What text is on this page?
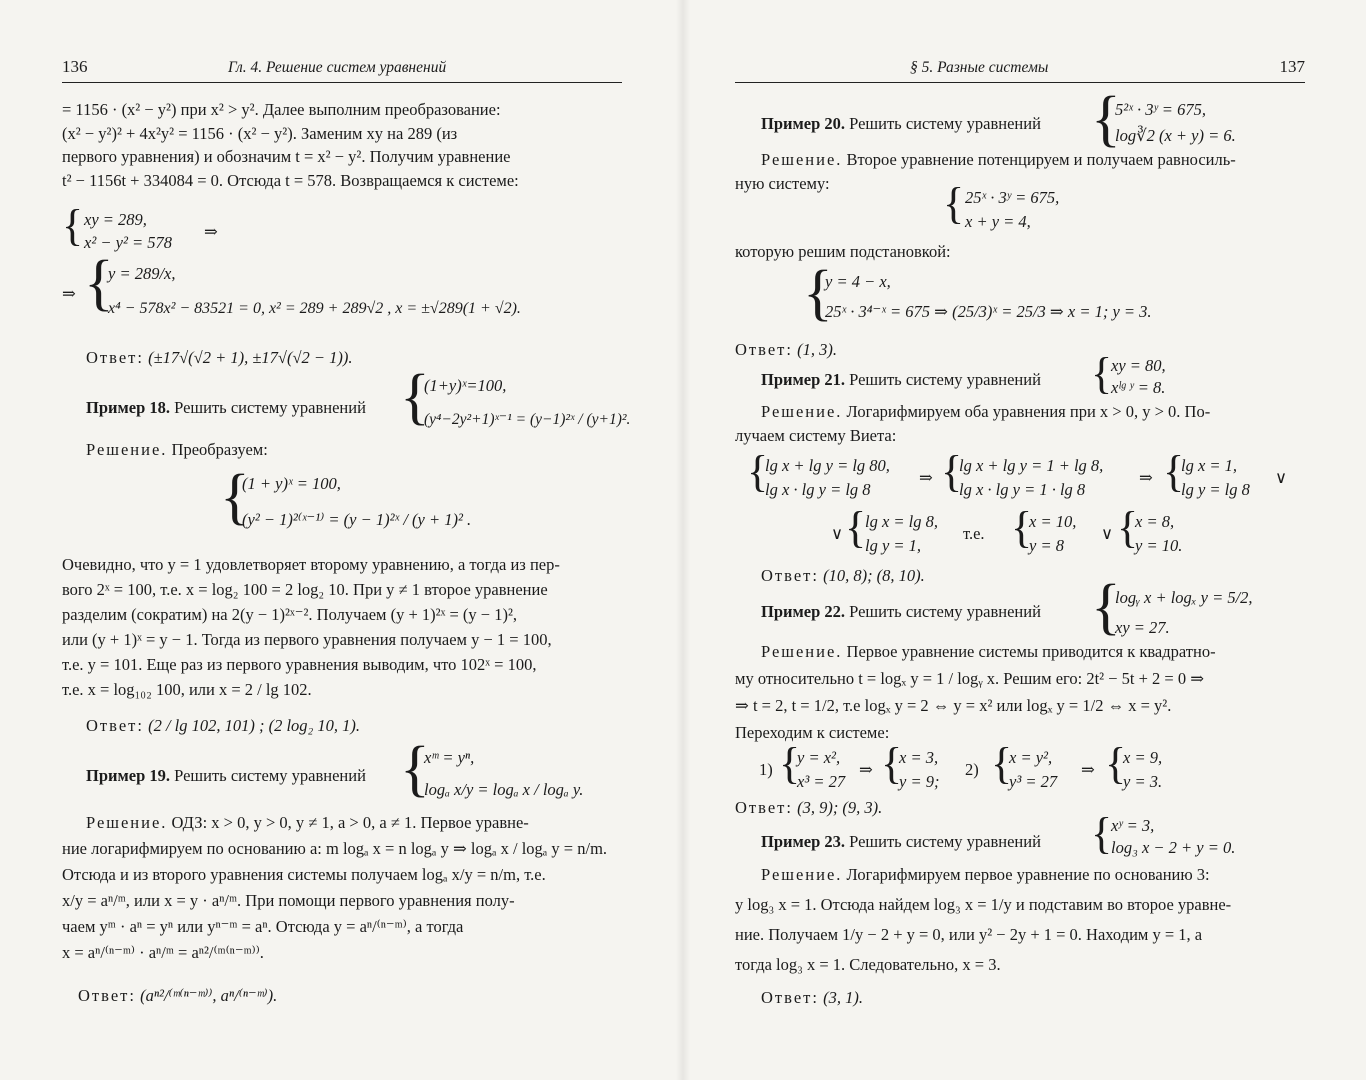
136	Гл. 4. Решение систем уравнений
= 1156 · (x² − y²) при x² > y². Далее выполним преобразование:
(x² − y²)² + 4x²y² = 1156 · (x² − y²). Заменим xy на 289 (из
первого уравнения) и обозначим t = x² − y². Получим уравнение
t² − 1156t + 334084 = 0. Отсюда t = 578. Возвращаемся к системе:
{ xy = 289,
x² − y² = 578
⇒
⇒ {
y = 289/x,
x⁴ − 578x² − 83521 = 0, x² = 289 + 289√2 , x = ±√289(1 + √2).
Ответ: (±17√(√2 + 1), ±17√(√2 − 1)).
Пример 18. Решить систему уравнений {
(1+y)ˣ=100,
(y⁴−2y²+1)ˣ⁻¹ = (y−1)²ˣ / (y+1)².
Решение. Преобразуем:
{
(1 + y)ˣ = 100,
(y² − 1)²⁽ˣ⁻¹⁾ = (y − 1)²ˣ / (y + 1)² .
Очевидно, что y = 1 удовлетворяет второму уравнению, а тогда из пер-
вого 2ˣ = 100, т.е. x = log₂ 100 = 2 log₂ 10. При y ≠ 1 второе уравнение
разделим (сократим) на 2(y − 1)²ˣ⁻². Получаем (y + 1)²ˣ = (y − 1)²,
или (y + 1)ˣ = y − 1. Тогда из первого уравнения получаем y − 1 = 100,
т.е. y = 101. Еще раз из первого уравнения выводим, что 102ˣ = 100,
т.е. x = log₁₀₂ 100, или x = 2 / lg 102.
Ответ: (2 / lg 102, 101) ; (2 log₂ 10, 1).
Пример 19. Решить систему уравнений {
xᵐ = yⁿ,
logₐ x/y = logₐ x / logₐ y.
Решение. ОДЗ: x > 0, y > 0, y ≠ 1, a > 0, a ≠ 1. Первое уравне-
ние логарифмируем по основанию a: m logₐ x = n logₐ y ⇒ logₐ x / logₐ y = n/m.
Отсюда и из второго уравнения системы получаем logₐ x/y = n/m, т.е.
x/y = aⁿ/ᵐ, или x = y · aⁿ/ᵐ. При помощи первого уравнения полу-
чаем yᵐ · aⁿ = yⁿ или yⁿ⁻ᵐ = aⁿ. Отсюда y = aⁿ/⁽ⁿ⁻ᵐ⁾, а тогда
x = aⁿ/⁽ⁿ⁻ᵐ⁾ · aⁿ/ᵐ = aⁿ²/⁽ᵐ⁽ⁿ⁻ᵐ⁾⁾.
Ответ: (aⁿ²/⁽ᵐ⁽ⁿ⁻ᵐ⁾⁾, aⁿ/⁽ⁿ⁻ᵐ⁾).
§ 5. Разные системы	137
Пример 20. Решить систему уравнений {
5²ˣ · 3ʸ = 675,
log∛2 (x + y) = 6.
Решение. Второе уравнение потенцируем и получаем равносиль-
ную систему:	{ 25ˣ · 3ʸ = 675,
x + y = 4,
которую решим подстановкой:
{
y = 4 − x,
25ˣ · 3⁴⁻ˣ = 675 ⇒ (25/3)ˣ = 25/3 ⇒ x = 1; y = 3.
Ответ: (1, 3).
Пример 21. Решить систему уравнений {
xy = 80,
xˡᵍ ʸ = 8.
Решение. Логарифмируем оба уравнения при x > 0, y > 0. По-
лучаем систему Виета:
{
lg x + lg y = lg 80,
lg x · lg y = lg 8
⇒ {
lg x + lg y = 1 + lg 8,
lg x · lg y = 1 · lg 8
⇒ {
lg x = 1,
lg y = lg 8
∨
∨ {
lg x = lg 8,
lg y = 1,
т.е. {
x = 10,
y = 8
∨ {
x = 8,
y = 10.
Ответ: (10, 8); (8, 10).
Пример 22. Решить систему уравнений {
logᵧ x + logₓ y = 5/2,
xy = 27.
Решение. Первое уравнение системы приводится к квадратно-
му относительно t = logₓ y = 1 / logᵧ x. Решим его: 2t² − 5t + 2 = 0 ⇒
⇒ t = 2, t = 1/2, т.е logₓ y = 2 ⇔ y = x² или logₓ y = 1/2 ⇔ x = y².
Переходим к системе:
1) {
y = x²,
x³ = 27
⇒ {
x = 3,
y = 9;
2) {
x = y²,
y³ = 27
⇒ {
x = 9,
y = 3.
Ответ: (3, 9); (9, 3).
Пример 23. Решить систему уравнений {
xʸ = 3,
log₃ x − 2 + y = 0.
Решение. Логарифмируем первое уравнение по основанию 3:
y log₃ x = 1. Отсюда найдем log₃ x = 1/y и подставим во второе уравне-
ние. Получаем 1/y − 2 + y = 0, или y² − 2y + 1 = 0. Находим y = 1, а
тогда log₃ x = 1. Следовательно, x = 3.
Ответ: (3, 1).
